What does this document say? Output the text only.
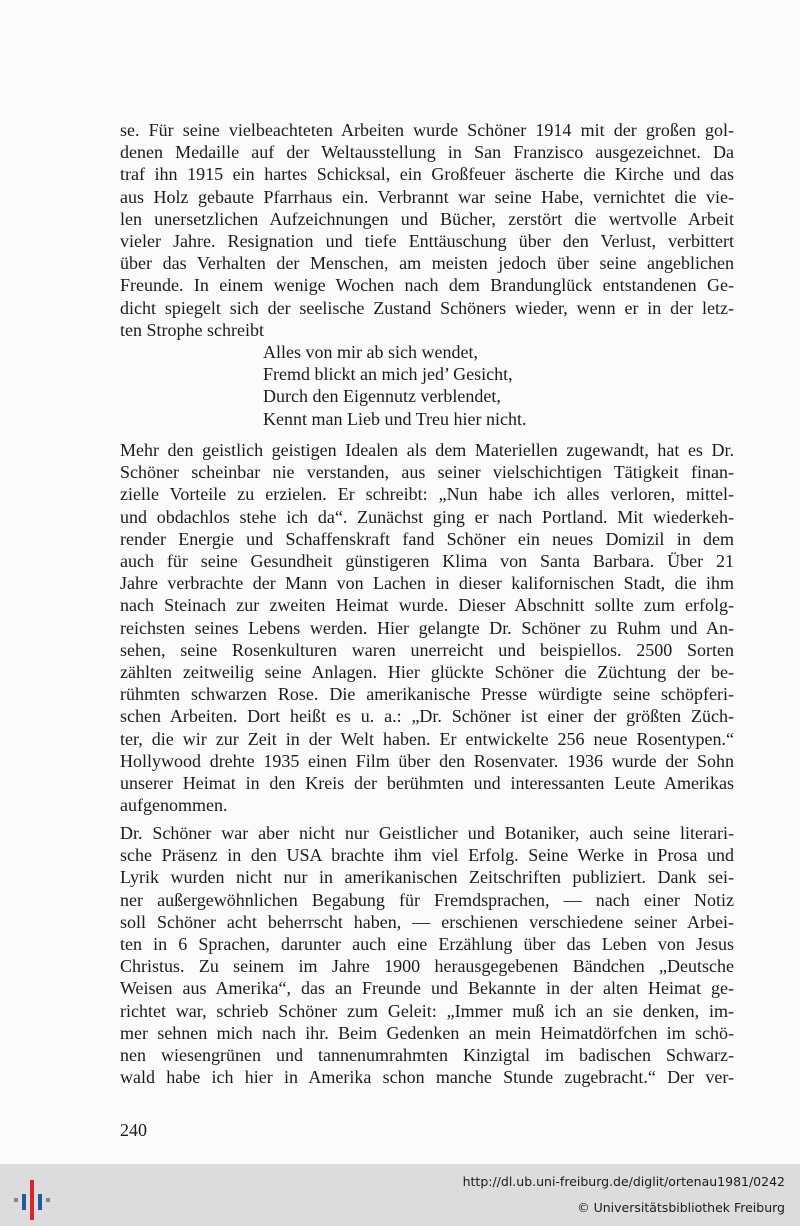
se. Für seine vielbeachteten Arbeiten wurde Schöner 1914 mit der großen gol-
denen Medaille auf der Weltausstellung in San Franzisco ausgezeichnet. Da
traf ihn 1915 ein hartes Schicksal, ein Großfeuer äscherte die Kirche und das
aus Holz gebaute Pfarrhaus ein. Verbrannt war seine Habe, vernichtet die vie-
len unersetzlichen Aufzeichnungen und Bücher, zerstört die wertvolle Arbeit
vieler Jahre. Resignation und tiefe Enttäuschung über den Verlust, verbittert
über das Verhalten der Menschen, am meisten jedoch über seine angeblichen
Freunde. In einem wenige Wochen nach dem Brandunglück entstandenen Ge-
dicht spiegelt sich der seelische Zustand Schöners wieder, wenn er in der letz-
ten Strophe schreibt
Alles von mir ab sich wendet,
Fremd blickt an mich jed’ Gesicht,
Durch den Eigennutz verblendet,
Kennt man Lieb und Treu hier nicht.
Mehr den geistlich geistigen Idealen als dem Materiellen zugewandt, hat es Dr.
Schöner scheinbar nie verstanden, aus seiner vielschichtigen Tätigkeit finan-
zielle Vorteile zu erzielen. Er schreibt: „Nun habe ich alles verloren, mittel-
und obdachlos stehe ich da“. Zunächst ging er nach Portland. Mit wiederkeh-
render Energie und Schaffenskraft fand Schöner ein neues Domizil in dem
auch für seine Gesundheit günstigeren Klima von Santa Barbara. Über 21
Jahre verbrachte der Mann von Lachen in dieser kalifornischen Stadt, die ihm
nach Steinach zur zweiten Heimat wurde. Dieser Abschnitt sollte zum erfolg-
reichsten seines Lebens werden. Hier gelangte Dr. Schöner zu Ruhm und An-
sehen, seine Rosenkulturen waren unerreicht und beispiellos. 2500 Sorten
zählten zeitweilig seine Anlagen. Hier glückte Schöner die Züchtung der be-
rühmten schwarzen Rose. Die amerikanische Presse würdigte seine schöpferi-
schen Arbeiten. Dort heißt es u. a.: „Dr. Schöner ist einer der größten Züch-
ter, die wir zur Zeit in der Welt haben. Er entwickelte 256 neue Rosentypen.“
Hollywood drehte 1935 einen Film über den Rosenvater. 1936 wurde der Sohn
unserer Heimat in den Kreis der berühmten und interessanten Leute Amerikas
aufgenommen.
Dr. Schöner war aber nicht nur Geistlicher und Botaniker, auch seine literari-
sche Präsenz in den USA brachte ihm viel Erfolg. Seine Werke in Prosa und
Lyrik wurden nicht nur in amerikanischen Zeitschriften publiziert. Dank sei-
ner außergewöhnlichen Begabung für Fremdsprachen, — nach einer Notiz
soll Schöner acht beherrscht haben, — erschienen verschiedene seiner Arbei-
ten in 6 Sprachen, darunter auch eine Erzählung über das Leben von Jesus
Christus. Zu seinem im Jahre 1900 herausgegebenen Bändchen „Deutsche
Weisen aus Amerika“, das an Freunde und Bekannte in der alten Heimat ge-
richtet war, schrieb Schöner zum Geleit: „Immer muß ich an sie denken, im-
mer sehnen mich nach ihr. Beim Gedenken an mein Heimatdörfchen im schö-
nen wiesengrünen und tannenumrahmten Kinzigtal im badischen Schwarz-
wald habe ich hier in Amerika schon manche Stunde zugebracht.“ Der ver-
240
http://dl.ub.uni-freiburg.de/diglit/ortenau1981/0242
© Universitätsbibliothek Freiburg
